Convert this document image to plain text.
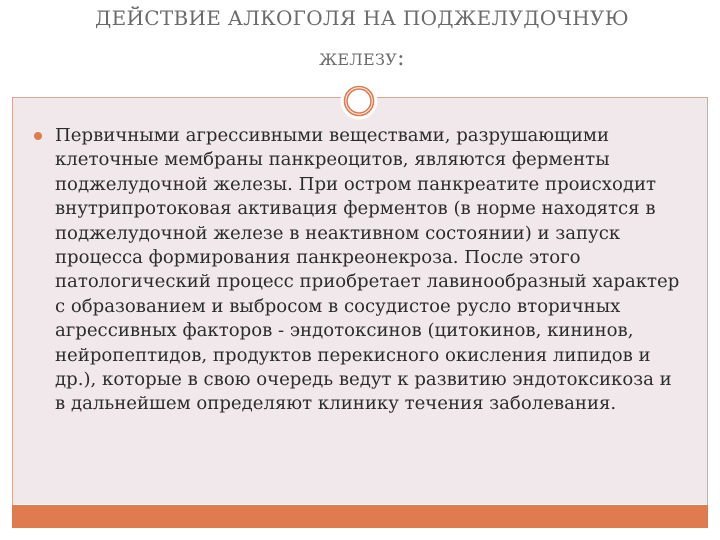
ДЕЙСТВИЕ АЛКОГОЛЯ НА ПОДЖЕЛУДОЧНУЮ
ЖЕЛЕЗУ:
Первичными агрессивными веществами, разрушающими клеточные мембраны панкреоцитов, являются ферменты поджелудочной железы. При остром панкреатите происходит внутрипротоковая активация ферментов (в норме находятся в поджелудочной железе в неактивном состоянии) и запуск процесса формирования панкреонекроза. После этого патологический процесс приобретает лавинообразный характер с образованием и выбросом в сосудистое русло вторичных агрессивных факторов - эндотоксинов (цитокинов, кининов, нейропептидов, продуктов перекисного окисления липидов и др.), которые в свою очередь ведут к развитию эндотоксикоза и в дальнейшем определяют клинику течения заболевания.
